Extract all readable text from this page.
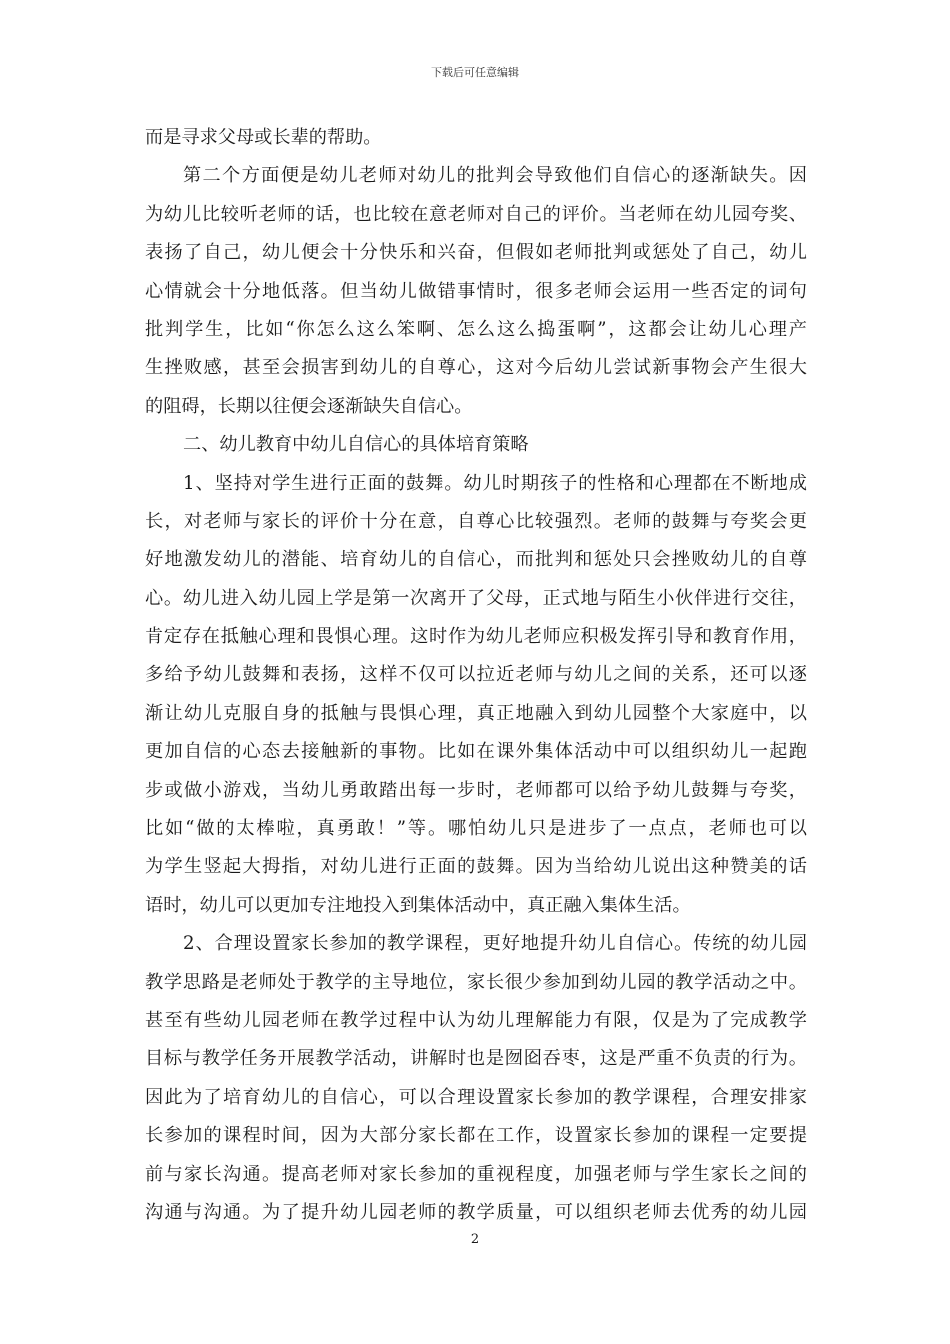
下载后可任意编辑
而是寻求父母或长辈的帮助。
第二个方面便是幼儿老师对幼儿的批判会导致他们自信心的逐渐缺失。因
为幼儿比较听老师的话，也比较在意老师对自己的评价。当老师在幼儿园夸奖、
表扬了自己，幼儿便会十分快乐和兴奋，但假如老师批判或惩处了自己，幼儿
心情就会十分地低落。但当幼儿做错事情时，很多老师会运用一些否定的词句
批判学生，比如“你怎么这么笨啊、怎么这么捣蛋啊”，这都会让幼儿心理产
生挫败感，甚至会损害到幼儿的自尊心，这对今后幼儿尝试新事物会产生很大
的阻碍，长期以往便会逐渐缺失自信心。
二、幼儿教育中幼儿自信心的具体培育策略
1、坚持对学生进行正面的鼓舞。幼儿时期孩子的性格和心理都在不断地成
长，对老师与家长的评价十分在意，自尊心比较强烈。老师的鼓舞与夸奖会更
好地激发幼儿的潜能、培育幼儿的自信心，而批判和惩处只会挫败幼儿的自尊
心。幼儿进入幼儿园上学是第一次离开了父母，正式地与陌生小伙伴进行交往，
肯定存在抵触心理和畏惧心理。这时作为幼儿老师应积极发挥引导和教育作用，
多给予幼儿鼓舞和表扬，这样不仅可以拉近老师与幼儿之间的关系，还可以逐
渐让幼儿克服自身的抵触与畏惧心理，真正地融入到幼儿园整个大家庭中，以
更加自信的心态去接触新的事物。比如在课外集体活动中可以组织幼儿一起跑
步或做小游戏，当幼儿勇敢踏出每一步时，老师都可以给予幼儿鼓舞与夸奖，
比如“做的太棒啦，真勇敢！”等。哪怕幼儿只是进步了一点点，老师也可以
为学生竖起大拇指，对幼儿进行正面的鼓舞。因为当给幼儿说出这种赞美的话
语时，幼儿可以更加专注地投入到集体活动中，真正融入集体生活。
2、合理设置家长参加的教学课程，更好地提升幼儿自信心。传统的幼儿园
教学思路是老师处于教学的主导地位，家长很少参加到幼儿园的教学活动之中。
甚至有些幼儿园老师在教学过程中认为幼儿理解能力有限，仅是为了完成教学
目标与教学任务开展教学活动，讲解时也是囫囵吞枣，这是严重不负责的行为。
因此为了培育幼儿的自信心，可以合理设置家长参加的教学课程，合理安排家
长参加的课程时间，因为大部分家长都在工作，设置家长参加的课程一定要提
前与家长沟通。提高老师对家长参加的重视程度，加强老师与学生家长之间的
沟通与沟通。为了提升幼儿园老师的教学质量，可以组织老师去优秀的幼儿园
2
